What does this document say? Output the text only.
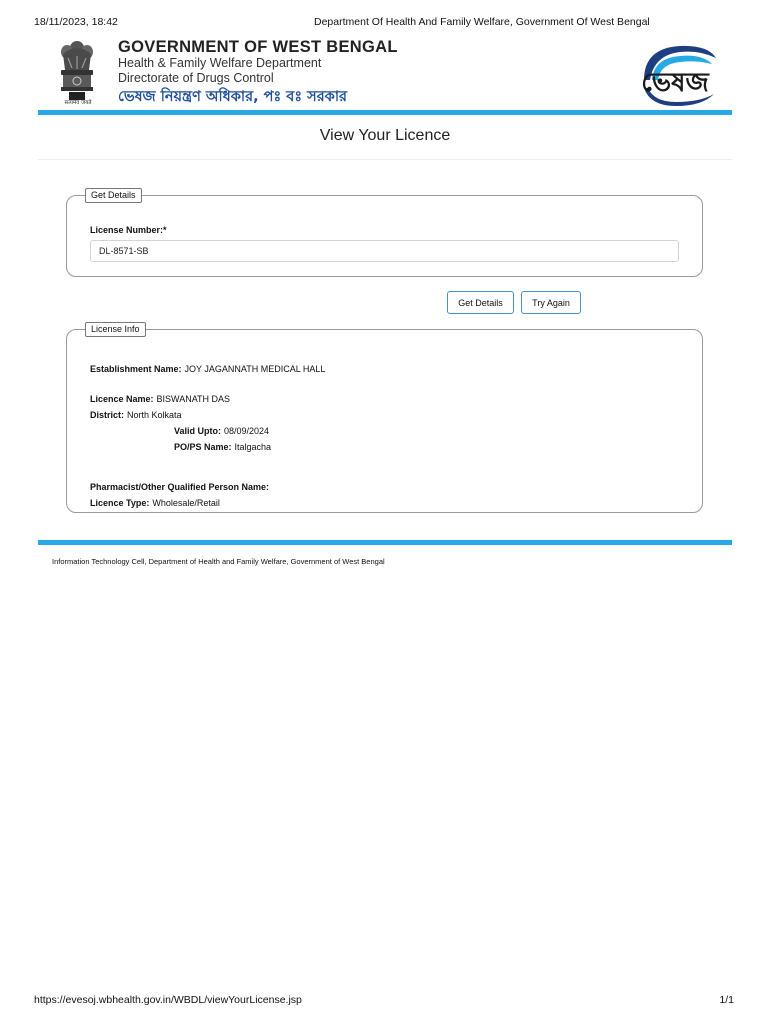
18/11/2023, 18:42	Department Of Health And Family Welfare, Government Of West Bengal
सत्यमेव जयते
GOVERNMENT OF WEST BENGAL
Health & Family Welfare Department
Directorate of Drugs Control
ভেষজ নিয়ন্ত্রণ অধিকার, পঃ বঃ সরকার	ভেষজ
View Your Licence
Get Details
License Number:*
DL-8571-SB
Get Details	Try Again
License Info
Establishment Name: JOY JAGANNATH MEDICAL HALL
Licence Name: BISWANATH DAS
District: North Kolkata
Valid Upto: 08/09/2024
PO/PS Name: Italgacha
Pharmacist/Other Qualified Person Name:
Licence Type: Wholesale/Retail
Information Technology Cell, Department of Health and Family Welfare, Government of West Bengal
https://evesoj.wbhealth.gov.in/WBDL/viewYourLicense.jsp	1/1
